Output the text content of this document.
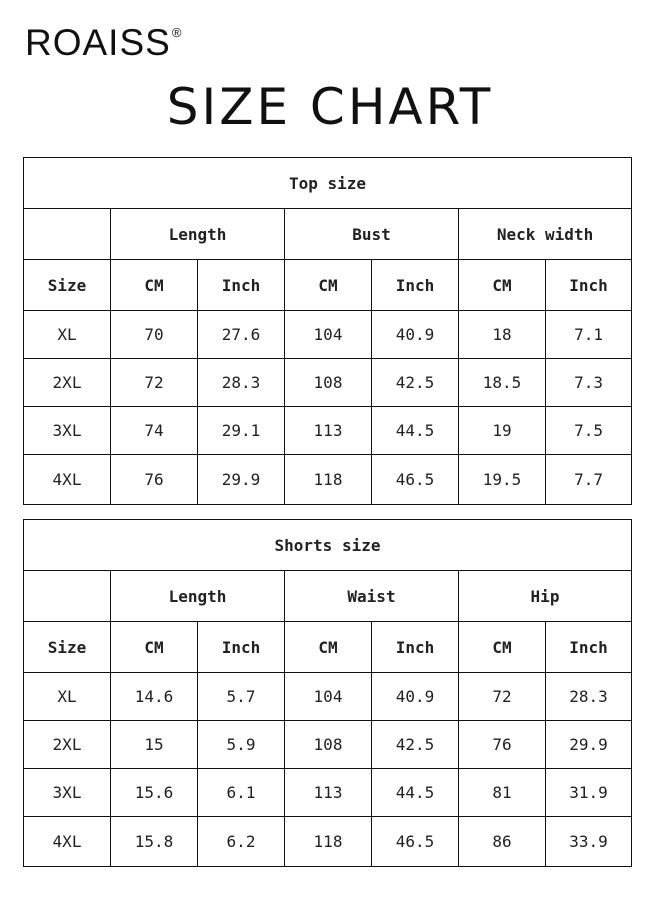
ROAISS®
SIZE CHART
Top size						
	Length		Bust		Neck width	
Size	CM	Inch	CM	Inch	CM	Inch
XL	70	27.6	104	40.9	18	7.1
2XL	72	28.3	108	42.5	18.5	7.3
3XL	74	29.1	113	44.5	19	7.5
4XL	76	29.9	118	46.5	19.5	7.7
Shorts size						
	Length		Waist		Hip	
Size	CM	Inch	CM	Inch	CM	Inch
XL	14.6	5.7	104	40.9	72	28.3
2XL	15	5.9	108	42.5	76	29.9
3XL	15.6	6.1	113	44.5	81	31.9
4XL	15.8	6.2	118	46.5	86	33.9
